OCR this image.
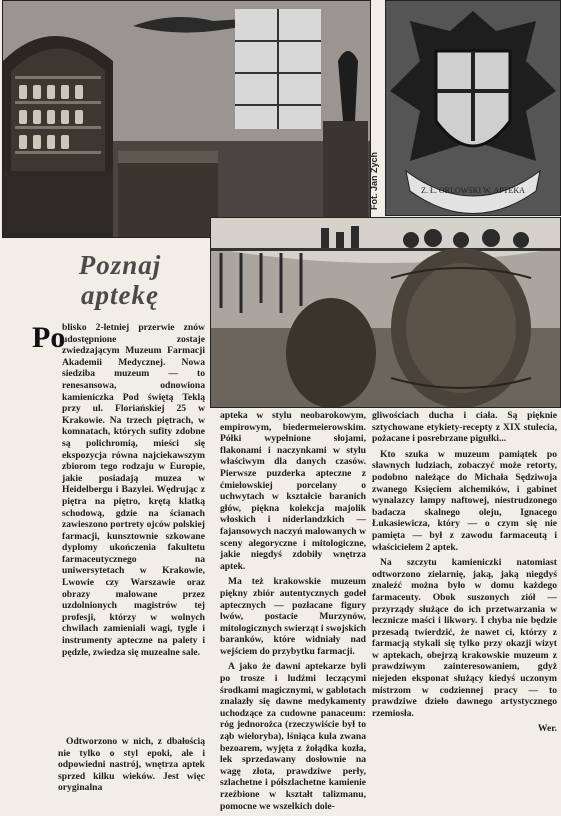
Z. Ł. ORLOWSKI W. APTEKA
Fot. Jan Zych
Poznaj aptekę
Po

blisko 2-letniej przerwie znów udostępnione zostaje zwiedzającym Muzeum Farmacji Akademii Medycznej. Nowa siedziba muzeum — to renesansowa, odnowiona kamieniczka Pod świętą Teklą przy ul. Floriańskiej 25 w Krakowie. Na trzech piętrach, w komnatach, których sufity zdobne są polichromią, mieści się ekspozycja równa najciekawszym zbiorom tego rodzaju w Europie, jakie posiadają muzea w Heidelbergu i Bazylei. Wędrując z piętra na piętro, krętą klatką schodową, gdzie na ścianach zawieszono portrety ojców polskiej farmacji, kunsztownie szkowane dyplomy ukończenia fakultetu farmaceutycznego na uniwersytetach w Krakowie, Lwowie czy Warszawie oraz obrazy malowane przez uzdolnionych magistrów tej profesji, którzy w wolnych chwilach zamieniali wagi, tygle i instrumenty apteczne na palety i pędzle, zwiedza się muzealne sale.

Odtworzono w nich, z dbałością nie tylko o styl epoki, ale i odpowiedni nastrój, wnętrza aptek sprzed kilku wieków. Jest więc oryginalna

apteka w stylu neobarokowym, empirowym, biedermeierowskim. Półki wypełnione słojami, flakonami i naczynkami w stylu właściwym dla danych czasów. Pierwsze puzderka apteczne z ćmielowskiej porcelany o uchwytach w kształcie baranich głów, piękna kolekcja majolik włoskich i niderlandzkich — fajansowych naczyń malowanych w sceny alegoryczne i mitologiczne, jakie niegdyś zdobiły wnętrza aptek.

Ma też krakowskie muzeum piękny zbiór autentycznych godeł aptecznych — pozłacane figury lwów, postacie Murzynów, mitologicznych swierząt i swojskich baranków, które widniały nad wejściem do przybytku farmacji.

A jako że dawni aptekarze byli po trosze i ludźmi leczącymi środkami magicznymi, w gablotach znalazły się dawne medykamenty uchodzące za cudowne panaceum: róg jednorożca (rzeczywiście był to ząb wieloryba), lśniąca kula zwana bezoarem, wyjęta z żołądka kozła, lek sprzedawany dosłownie na wagę złota, prawdziwe perły, szlachetne i półszlachetne kamienie rzeźbione w kształt talizmanu, pomocne we wszelkich dole-

gliwościach ducha i ciała. Są pięknie sztychowane etykiety-recepty z XIX stulecia, pożacane i posrebrzane pigułki...

Kto szuka w muzeum pamiątek po sławnych ludziach, zobaczyć może retorty, podobno należące do Michała Sędziwoja zwanego Księciem alchemików, i gabinet wynalazcy lampy naftowej, niestrudzonego badacza skalnego oleju, Ignacego Łukasiewicza, który — o czym się nie pamięta — był z zawodu farmaceutą i właścicielem 2 aptek.

Na szczytu kamieniczki natomiast odtworzono zielarnię, jaką, jaką niegdyś znaleźć można było w domu każdego farmaceuty. Obok suszonych ziół — przyrządy służące do ich przetwarzania w lecznicze maści i likwory. I chyba nie będzie przesadą twierdzić, że nawet ci, którzy z farmacją stykali się tylko przy okazji wizyt w aptekach, obejrzą krakowskie muzeum z prawdziwym zainteresowaniem, gdyż niejeden eksponat służący kiedyś uczonym mistrzom w codziennej pracy — to prawdziwe dzieło dawnego artystycznego rzemiosła.

Wer.
